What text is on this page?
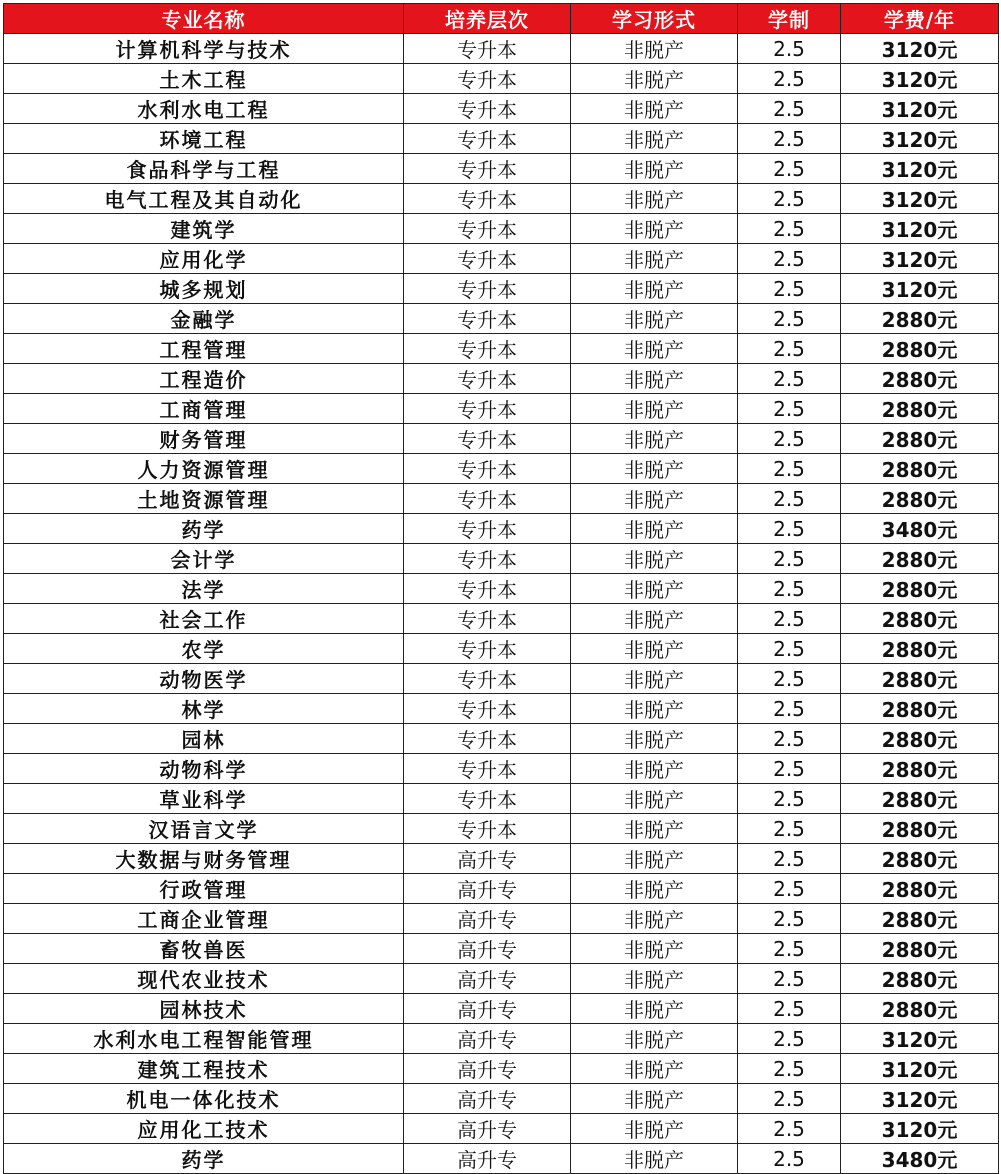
专业名称	培养层次	学习形式	学制	学费/年
计算机科学与技术	专升本	非脱产	2.5	3120元
土木工程	专升本	非脱产	2.5	3120元
水利水电工程	专升本	非脱产	2.5	3120元
环境工程	专升本	非脱产	2.5	3120元
食品科学与工程	专升本	非脱产	2.5	3120元
电气工程及其自动化	专升本	非脱产	2.5	3120元
建筑学	专升本	非脱产	2.5	3120元
应用化学	专升本	非脱产	2.5	3120元
城多规划	专升本	非脱产	2.5	3120元
金融学	专升本	非脱产	2.5	2880元
工程管理	专升本	非脱产	2.5	2880元
工程造价	专升本	非脱产	2.5	2880元
工商管理	专升本	非脱产	2.5	2880元
财务管理	专升本	非脱产	2.5	2880元
人力资源管理	专升本	非脱产	2.5	2880元
土地资源管理	专升本	非脱产	2.5	2880元
药学	专升本	非脱产	2.5	3480元
会计学	专升本	非脱产	2.5	2880元
法学	专升本	非脱产	2.5	2880元
社会工作	专升本	非脱产	2.5	2880元
农学	专升本	非脱产	2.5	2880元
动物医学	专升本	非脱产	2.5	2880元
林学	专升本	非脱产	2.5	2880元
园林	专升本	非脱产	2.5	2880元
动物科学	专升本	非脱产	2.5	2880元
草业科学	专升本	非脱产	2.5	2880元
汉语言文学	专升本	非脱产	2.5	2880元
大数据与财务管理	高升专	非脱产	2.5	2880元
行政管理	高升专	非脱产	2.5	2880元
工商企业管理	高升专	非脱产	2.5	2880元
畜牧兽医	高升专	非脱产	2.5	2880元
现代农业技术	高升专	非脱产	2.5	2880元
园林技术	高升专	非脱产	2.5	2880元
水利水电工程智能管理	高升专	非脱产	2.5	3120元
建筑工程技术	高升专	非脱产	2.5	3120元
机电一体化技术	高升专	非脱产	2.5	3120元
应用化工技术	高升专	非脱产	2.5	3120元
药学	高升专	非脱产	2.5	3480元
